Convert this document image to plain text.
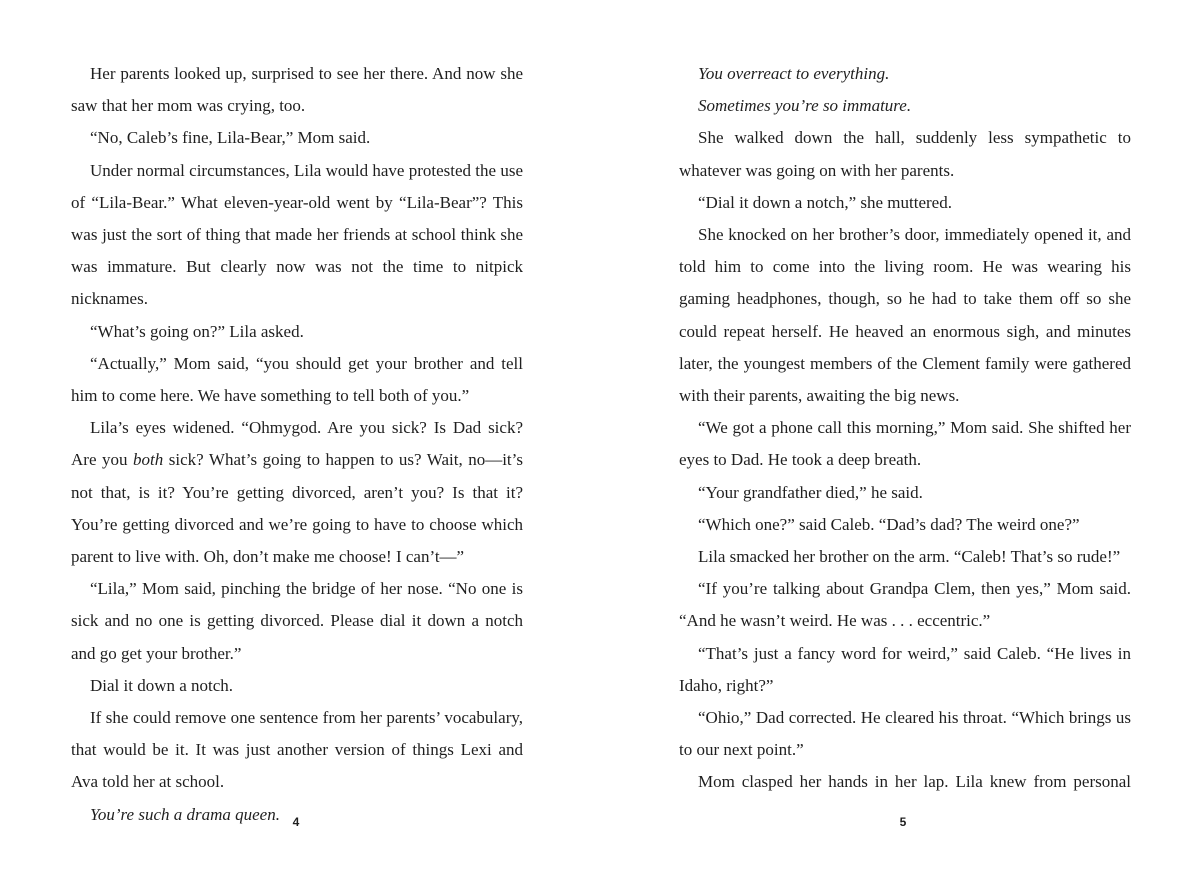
Her parents looked up, surprised to see her there. And now she saw that her mom was crying, too.

“No, Caleb’s fine, Lila-Bear,” Mom said.

Under normal circumstances, Lila would have protested the use of “Lila-Bear.” What eleven-year-old went by “Lila-Bear”? This was just the sort of thing that made her friends at school think she was immature. But clearly now was not the time to nitpick nicknames.

“What’s going on?” Lila asked.

“Actually,” Mom said, “you should get your brother and tell him to come here. We have something to tell both of you.”

Lila’s eyes widened. “Ohmygod. Are you sick? Is Dad sick? Are you both sick? What’s going to happen to us? Wait, no—it’s not that, is it? You’re getting divorced, aren’t you? Is that it? You’re getting divorced and we’re going to have to choose which parent to live with. Oh, don’t make me choose! I can’t—”

“Lila,” Mom said, pinching the bridge of her nose. “No one is sick and no one is getting divorced. Please dial it down a notch and go get your brother.”

Dial it down a notch.

If she could remove one sentence from her parents’ vocabulary, that would be it. It was just another version of things Lexi and Ava told her at school.

You’re such a drama queen.	4

You overreact to everything.

Sometimes you’re so immature.

She walked down the hall, suddenly less sympathetic to whatever was going on with her parents.

“Dial it down a notch,” she muttered.

She knocked on her brother’s door, immediately opened it, and told him to come into the living room. He was wearing his gaming headphones, though, so he had to take them off so she could repeat herself. He heaved an enormous sigh, and minutes later, the youngest members of the Clement family were gathered with their parents, awaiting the big news.

“We got a phone call this morning,” Mom said. She shifted her eyes to Dad. He took a deep breath.

“Your grandfather died,” he said.

“Which one?” said Caleb. “Dad’s dad? The weird one?”

Lila smacked her brother on the arm. “Caleb! That’s so rude!”

“If you’re talking about Grandpa Clem, then yes,” Mom said. “And he wasn’t weird. He was . . . eccentric.”

“That’s just a fancy word for weird,” said Caleb. “He lives in Idaho, right?”

“Ohio,” Dad corrected. He cleared his throat. “Which brings us to our next point.”

Mom clasped her hands in her lap. Lila knew from personal

5
